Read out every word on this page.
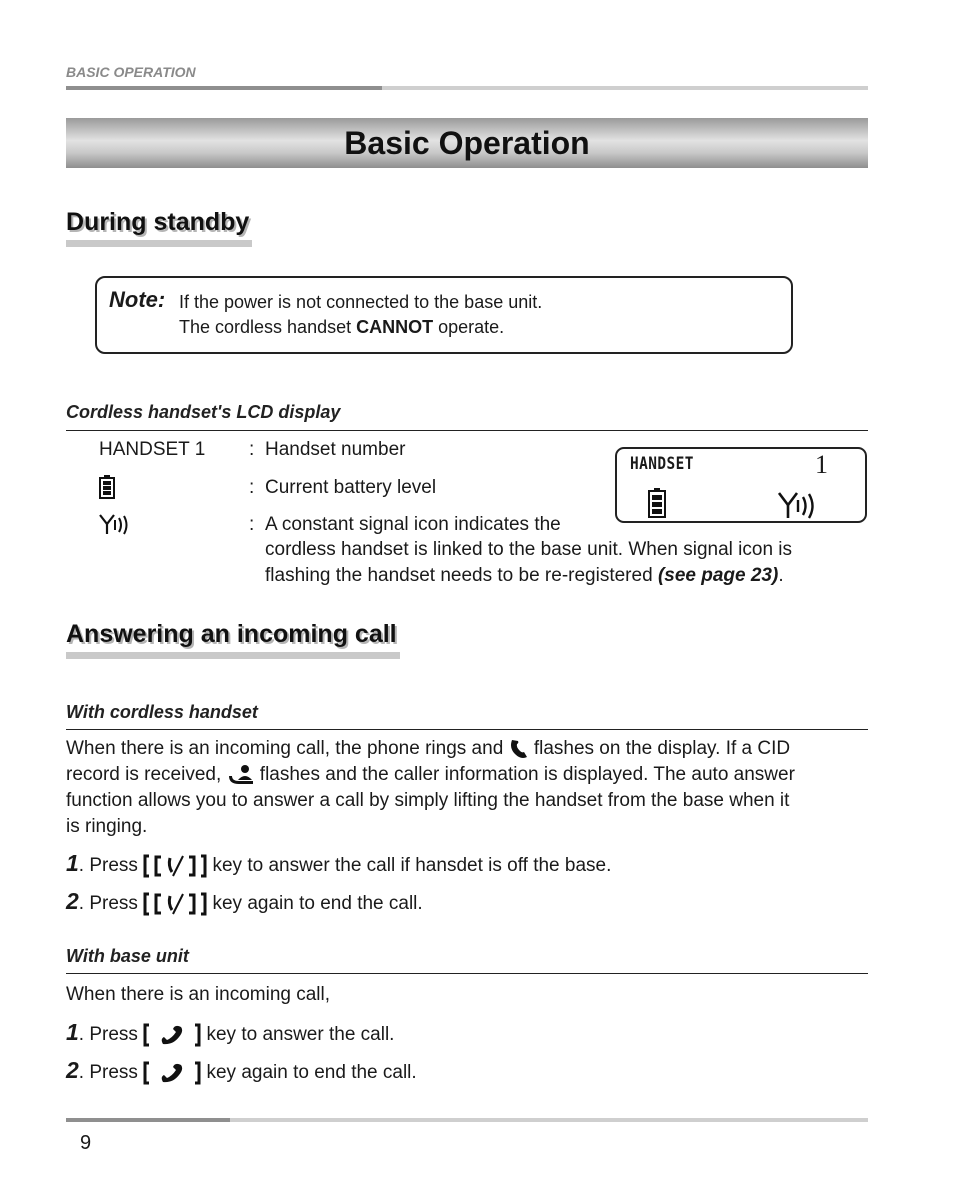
BASIC OPERATION
Basic Operation
During standby
Note: If the power is not connected to the base unit.
The cordless handset CANNOT operate.
Cordless handset's LCD display
HANDSET 1 : Handset number
: Current battery level
: A constant signal icon indicates the
cordless handset is linked to the base unit. When signal icon is
flashing the handset needs to be re-registered (see page 23).
HANDSET	1
Answering an incoming call
With cordless handset
When there is an incoming call, the phone rings and  flashes on the display. If a CID
record is received,  flashes and the caller information is displayed. The auto answer
function allows you to answer a call by simply lifting the handset from the base when it
is ringing.
1. Press	key to answer the call if hansdet is off the base.
2. Press	key again to end the call.
With base unit
When there is an incoming call,
1. Press	key to answer the call.
2. Press	key again to end the call.
9
